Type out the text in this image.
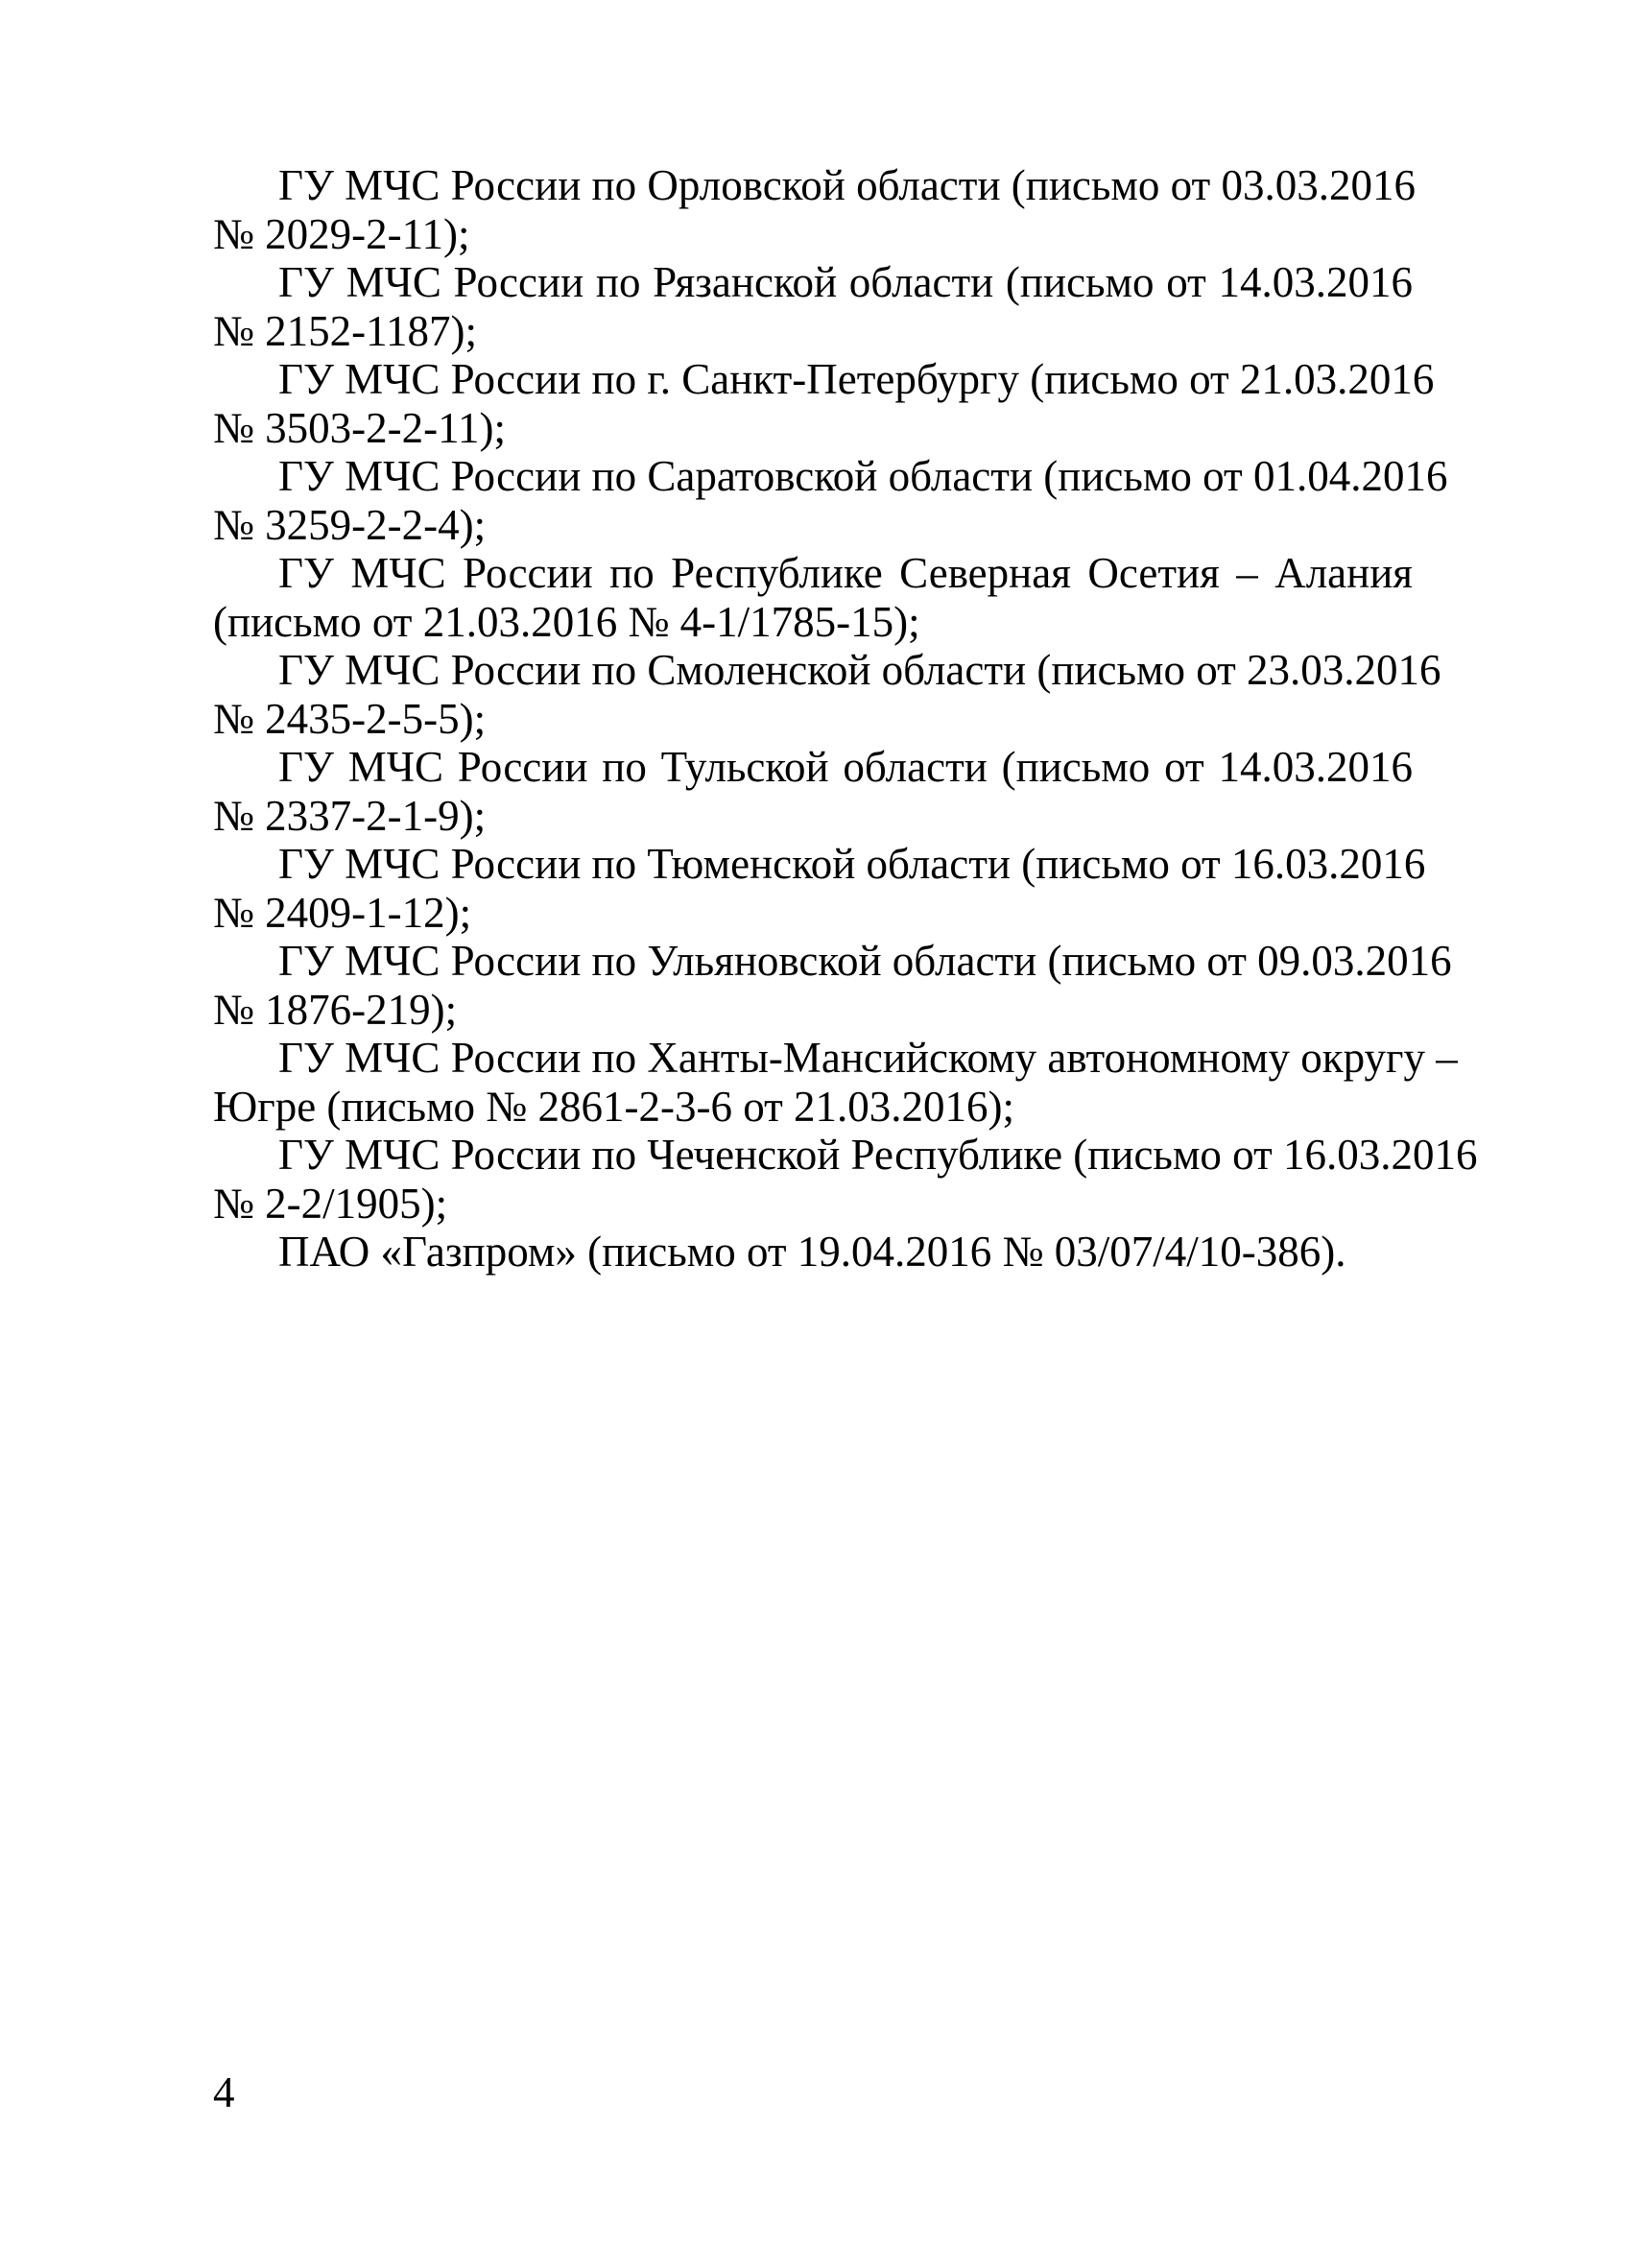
ГУ МЧС России по Орловской области (письмо от 03.03.2016
№ 2029-2-11);
ГУ МЧС России по Рязанской области (письмо от 14.03.2016
№ 2152-1187);
ГУ МЧС России по г. Санкт-Петербургу (письмо от 21.03.2016
№ 3503-2-2-11);
ГУ МЧС России по Саратовской области (письмо от 01.04.2016
№ 3259-2-2-4);
ГУ МЧС России по Республике Северная Осетия – Алания
(письмо от 21.03.2016 № 4-1/1785-15);
ГУ МЧС России по Смоленской области (письмо от 23.03.2016
№ 2435-2-5-5);
ГУ МЧС России по Тульской области (письмо от 14.03.2016
№ 2337-2-1-9);
ГУ МЧС России по Тюменской области (письмо от 16.03.2016
№ 2409-1-12);
ГУ МЧС России по Ульяновской области (письмо от 09.03.2016
№ 1876-219);
ГУ МЧС России по Ханты-Мансийскому автономному округу –
Югре (письмо № 2861-2-3-6 от 21.03.2016);
ГУ МЧС России по Чеченской Республике (письмо от 16.03.2016
№ 2-2/1905);
ПАО «Газпром» (письмо от 19.04.2016 № 03/07/4/10-386).
4
